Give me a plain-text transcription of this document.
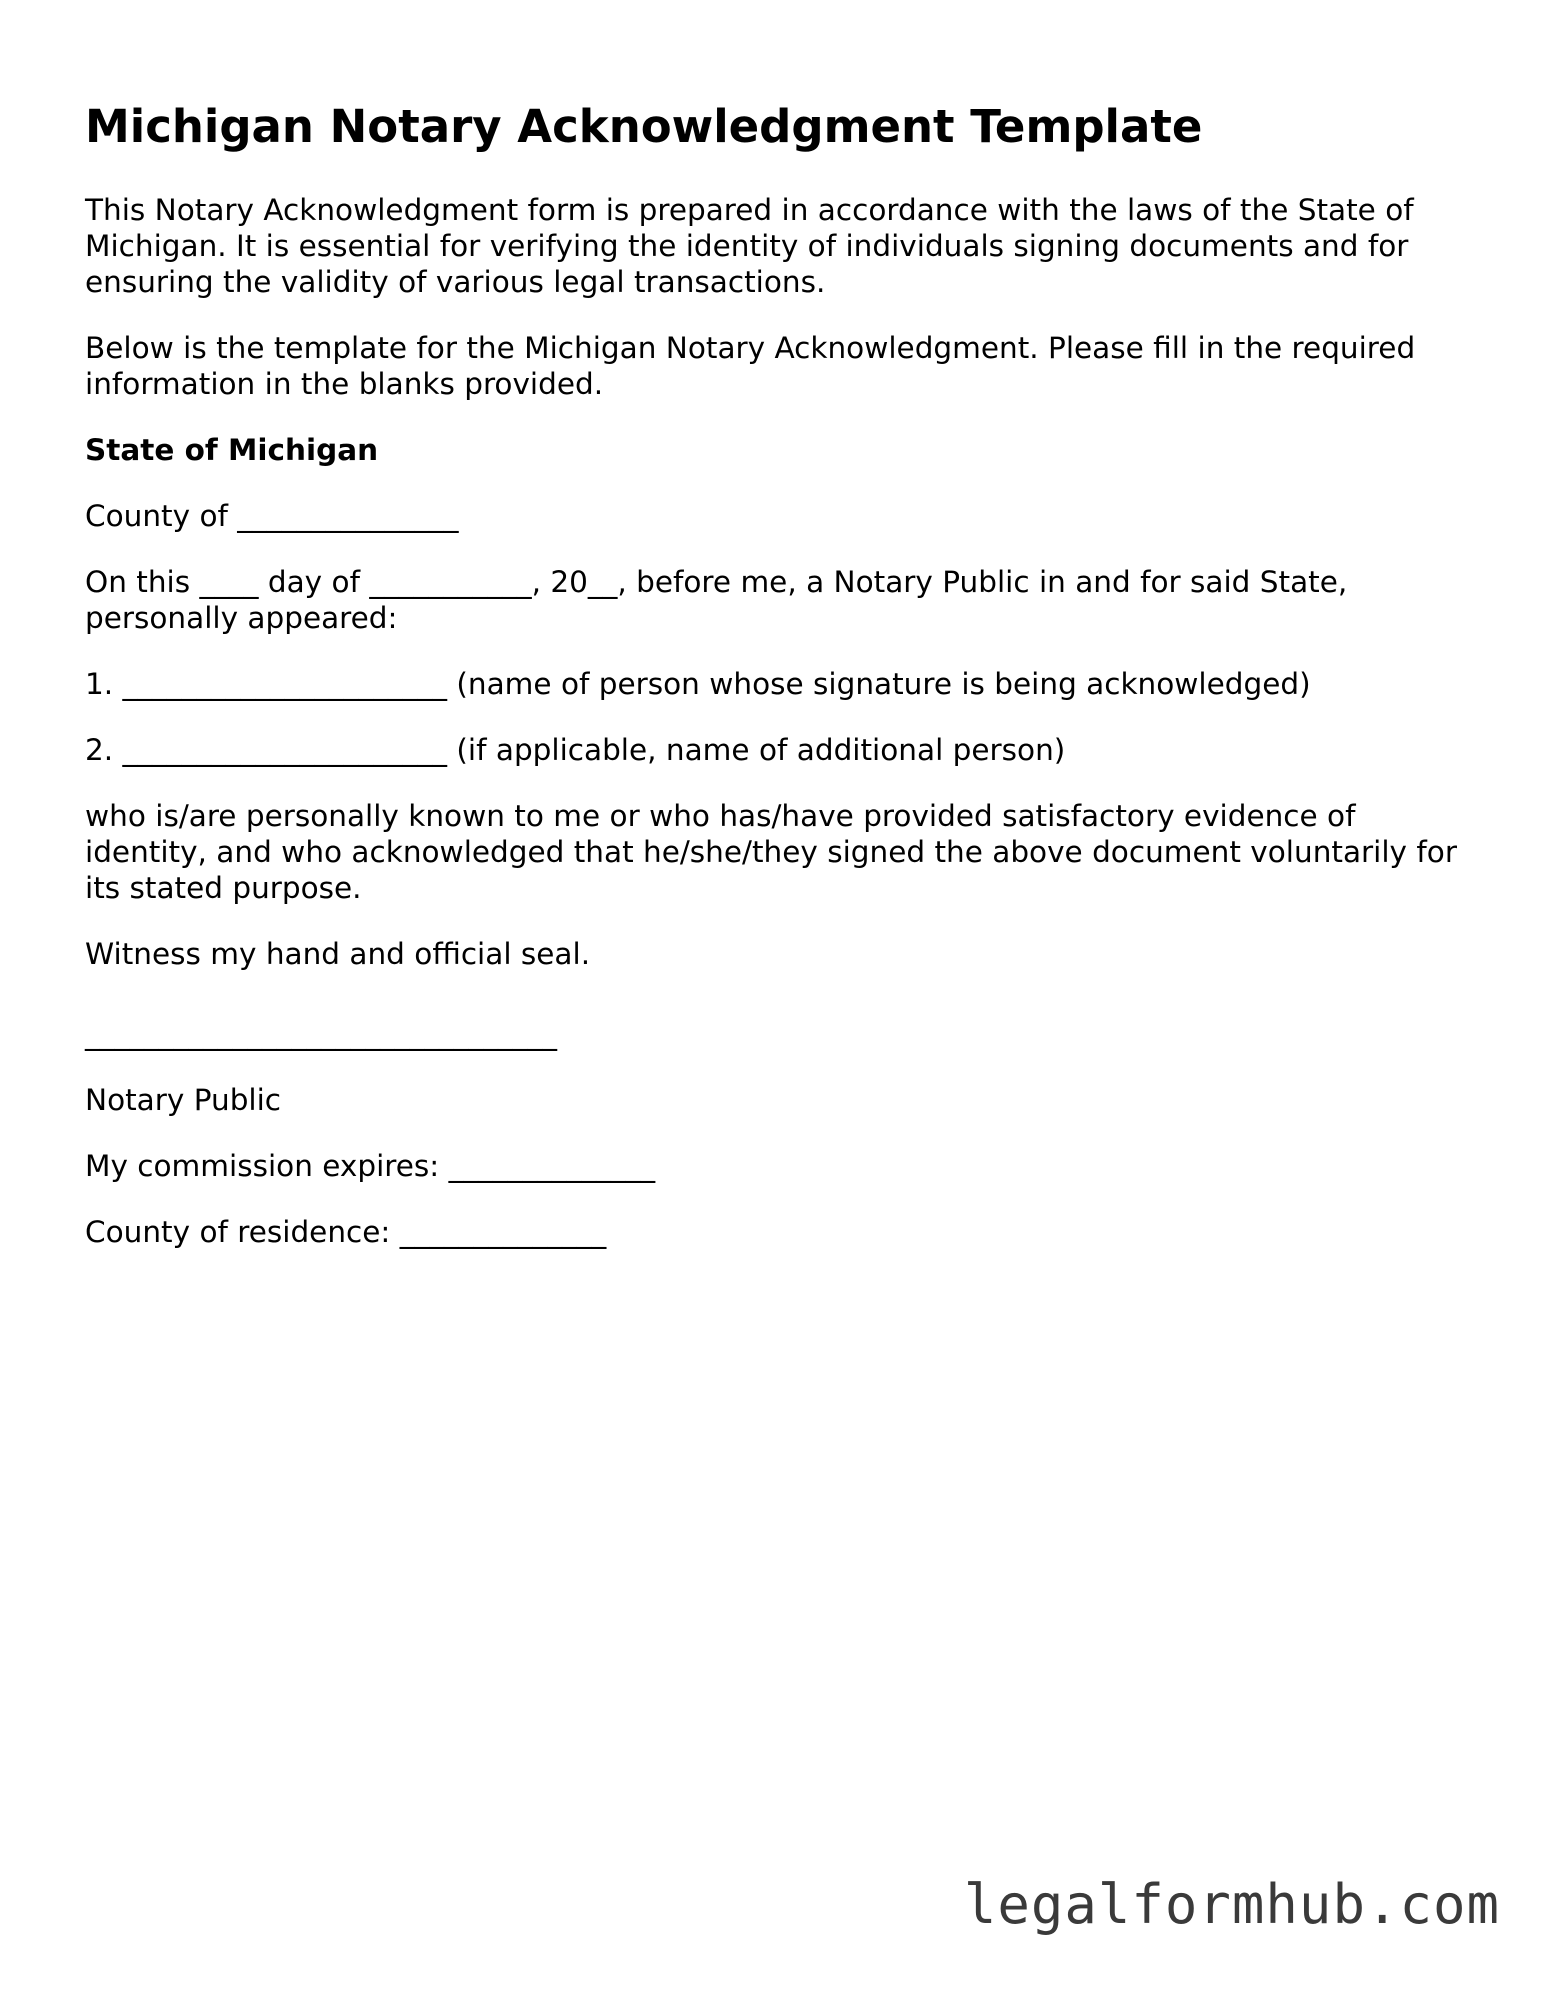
Michigan Notary Acknowledgment Template

This Notary Acknowledgment form is prepared in accordance with the laws of the State of Michigan. It is essential for verifying the identity of individuals signing documents and for ensuring the validity of various legal transactions.

Below is the template for the Michigan Notary Acknowledgment. Please fill in the required information in the blanks provided.

State of Michigan

County of _______________

On this ____ day of ___________, 20__, before me, a Notary Public in and for said State, personally appeared:

1. ______________________ (name of person whose signature is being acknowledged)

2. ______________________ (if applicable, name of additional person)

who is/are personally known to me or who has/have provided satisfactory evidence of identity, and who acknowledged that he/she/they signed the above document voluntarily for its stated purpose.

Witness my hand and official seal.

________________________________

Notary Public

My commission expires: ______________

County of residence: ______________

legalformhub.com
